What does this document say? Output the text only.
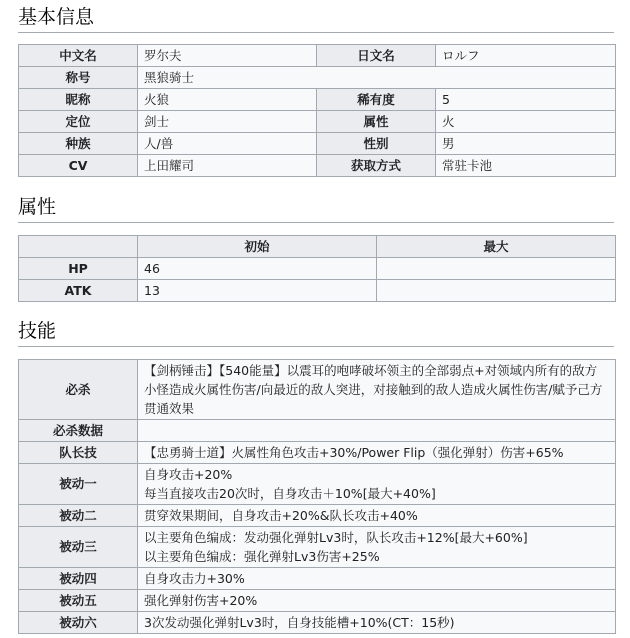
基本信息
中文名	罗尔夫	日文名	ロルフ
称号	黑狼骑士		
昵称	火狼	稀有度	5
定位	剑士	属性	火
种族	人/兽	性别	男
CV	上田耀司	获取方式	常驻卡池
属性
	初始	最大
HP	46	
ATK	13	
技能
必杀	【剑柄锤击】【540能量】以震耳的咆哮破坏领主的全部弱点+对领域内所有的敌方小怪造成火属性伤害/向最近的敌人突进，对接触到的敌人造成火属性伤害/赋予己方贯通效果
必杀数据	
队长技	【忠勇骑士道】火属性角色攻击+30%/Power Flip（强化弹射）伤害+65%
被动一	自身攻击+20%
每当直接攻击20次时，自身攻击＋10%[最大+40%]

被动二	贯穿效果期间，自身攻击+20%&队长攻击+40%
被动三	以主要角色编成：发动强化弹射Lv3时，队长攻击+12%[最大+60%]
以主要角色编成：强化弹射Lv3伤害+25%

被动四	自身攻击力+30%
被动五	强化弹射伤害+20%
被动六	3次发动强化弹射Lv3时，自身技能槽+10%(CT：15秒)
